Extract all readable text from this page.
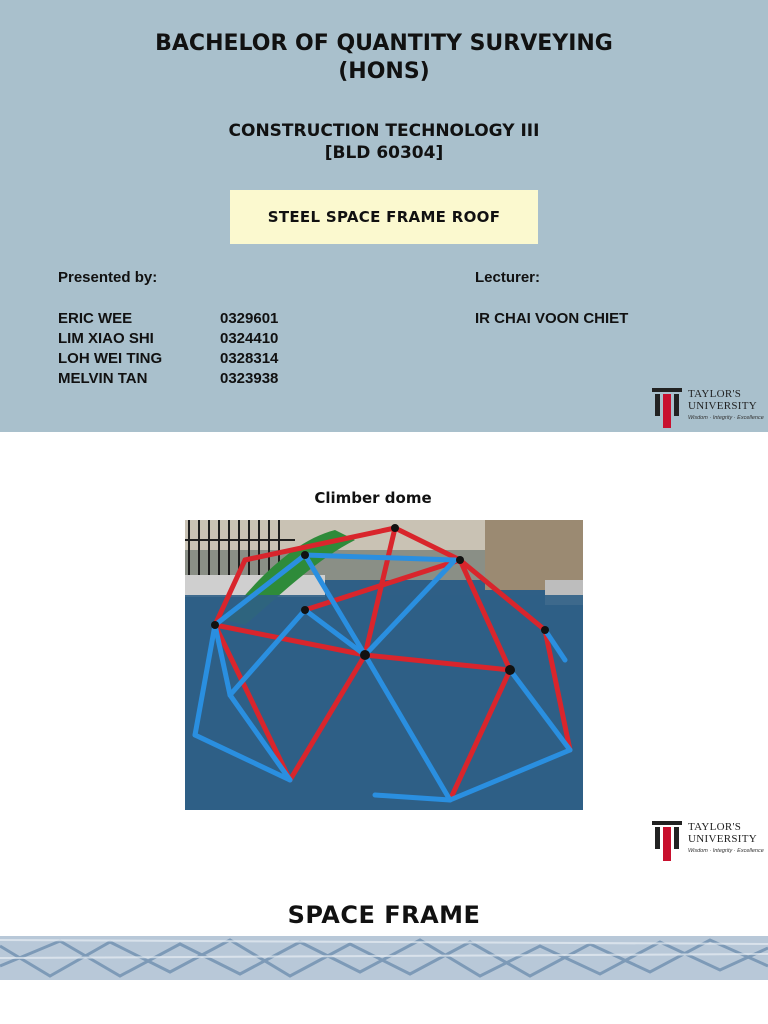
BACHELOR OF QUANTITY SURVEYING
(HONS)
CONSTRUCTION TECHNOLOGY III
[BLD 60304]
STEEL SPACE FRAME ROOF
Presented by:	Lecturer:
IR CHAI VOON CHIET
ERIC WEE	0329601
LIM XIAO SHI	0324410
LOH WEI TING	0328314
MELVIN TAN	0323938
TAYLOR'S
UNIVERSITY
Wisdom · Integrity · Excellence
Climber dome
TAYLOR'S
UNIVERSITY
Wisdom · Integrity · Excellence
SPACE FRAME
